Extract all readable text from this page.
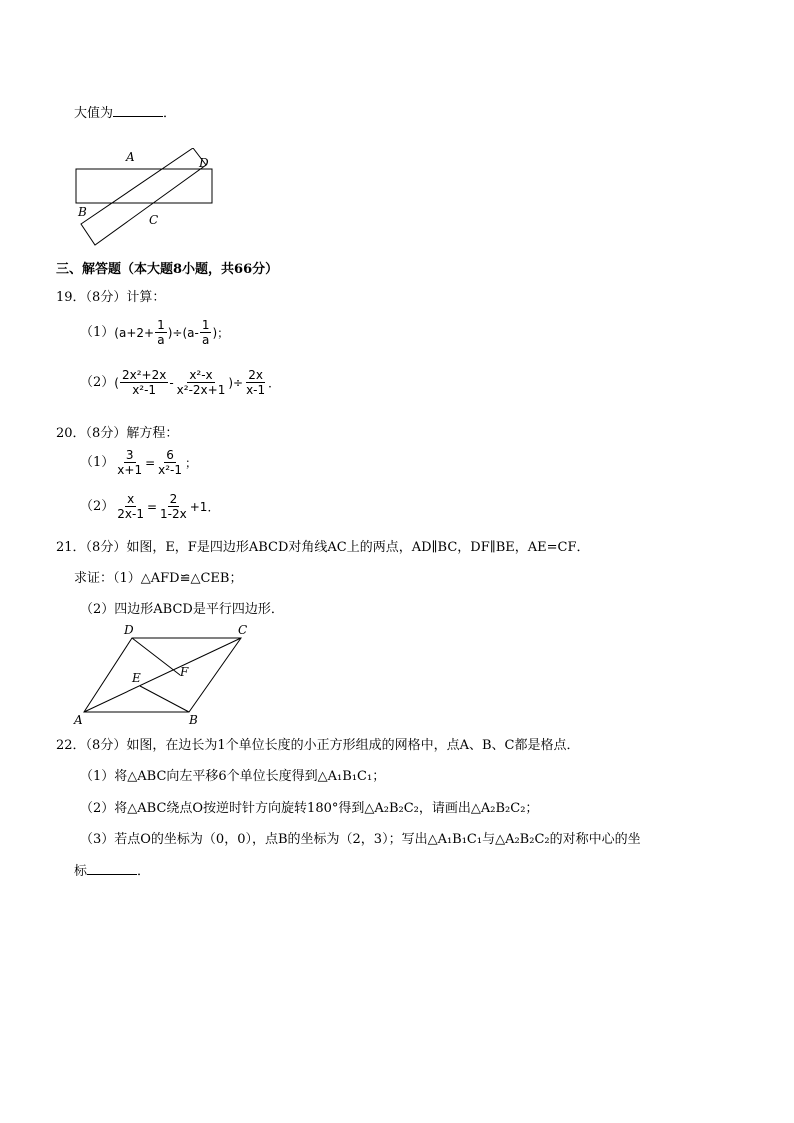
大值为	．
A	D
B
C
三、解答题（本大题8小题，共66分）
19．（8分）计算：
（1） $(a+2+ \frac{1}{a} )\div(a- \frac{1}{a}$ )；
（2） ( $\frac{\text{2x²+2x}}{\text{x²-1}} - \frac{\text{x²-x}}{\text{x²-2x+1}}$ )÷ $\frac{2x}{x-1}$ ．
20．（8分）解方程：
$(1) \frac{3}{x+1} = \frac{6}{\text{x²-1}}$ ；
$(2) \frac{x}{2x-1} = \frac{2}{1-2x} +1$．
21．（8分）如图，E，F是四边形ABCD对角线AC上的两点，AD∥BC，DF∥BE，AE=CF．
求证：（1）△AFD≌△CEB；
（2）四边形ABCD是平行四边形．
D	C
F
E
A	B
22．（8分）如图，在边长为1个单位长度的小正方形组成的网格中，点A、B、C都是格点．
（1）将△ABC向左平移6个单位长度得到△A₁B₁C₁；
（2）将△ABC绕点O按逆时针方向旋转180°得到△A₂B₂C₂，请画出△A₂B₂C₂；
（3）若点O的坐标为（0，0），点B的坐标为（2，3）；写出△A₁B₁C₁与△A₂B₂C₂的对称中心的坐
标	．
